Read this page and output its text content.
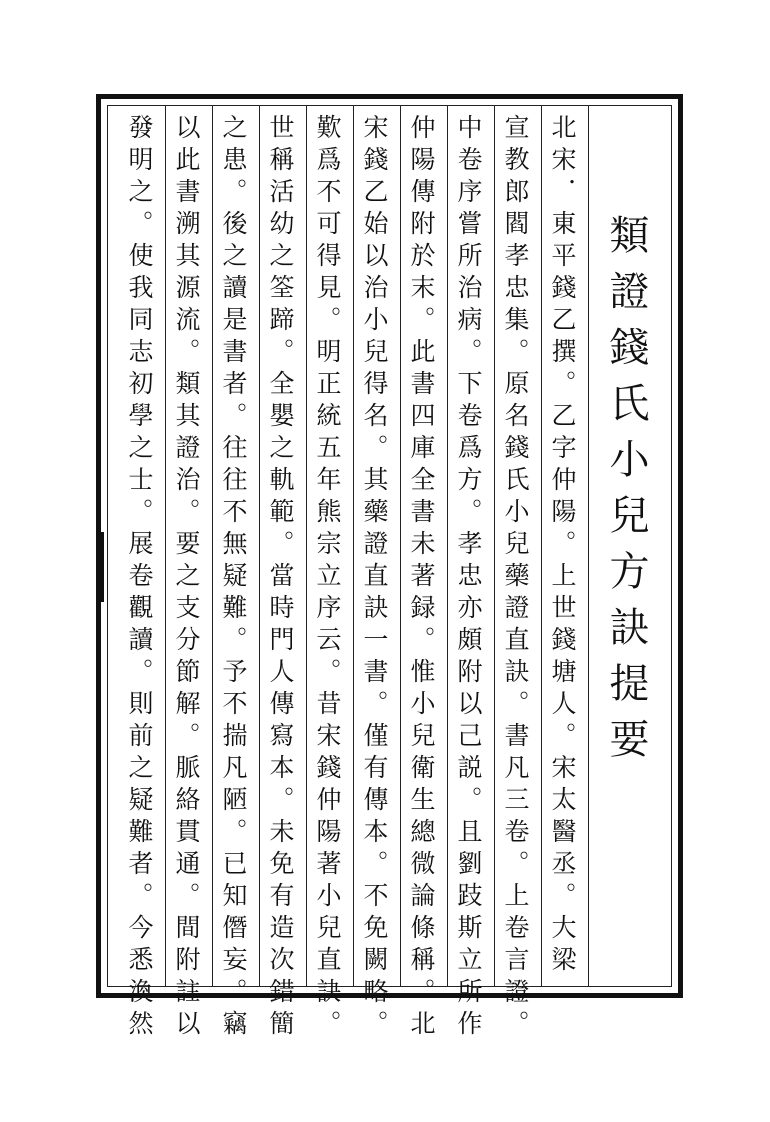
類證錢氏小兒方訣提要
北宋．東平錢乙撰。乙字仲陽。上世錢塘人。宋太醫丞。大梁
宣教郎閻孝忠集。原名錢氏小兒藥證直訣。書凡三卷。上卷言證。
中卷序嘗所治病。下卷爲方。孝忠亦頗附以己説。且劉跂斯立所作
仲陽傳附於末。此書四庫全書未著録。惟小兒衛生總微論條稱。北
宋錢乙始以治小兒得名。其藥證直訣一書。僅有傳本。不免闕略。
歎爲不可得見。明正統五年熊宗立序云。昔宋錢仲陽著小兒直訣。
世稱活幼之筌蹄。全嬰之軌範。當時門人傳寫本。未免有造次錯簡
之患。後之讀是書者。往往不無疑難。予不揣凡陋。已知僭妄。竊
以此書溯其源流。類其證治。要之支分節解。脈絡貫通。間附註以
發明之。使我同志初學之士。展卷觀讀。則前之疑難者。今悉渙然
